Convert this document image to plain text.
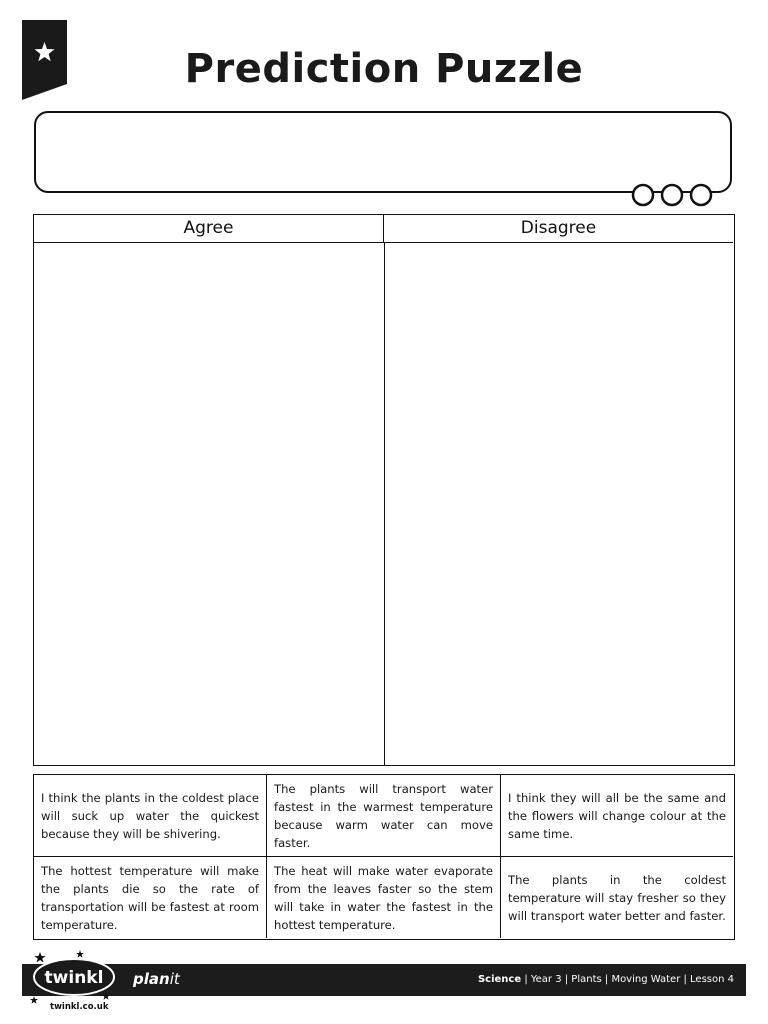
Prediction Puzzle
Agree	Disagree
I think the plants in the coldest place will suck up water the quickest because they will be shivering.
The plants will transport water fastest in the warmest temperature because warm water can move faster.
I think they will all be the same and the flowers will change colour at the same time.
The hottest temperature will make the plants die so the rate of transportation will be fastest at room temperature.
The heat will make water evaporate from the leaves faster so the stem will take in water the fastest in the hottest temperature.
The plants in the coldest temperature will stay fresher so they will transport water better and faster.
twinkl planit	Science | Year 3 | Plants | Moving Water | Lesson 4
twinkl.co.uk
